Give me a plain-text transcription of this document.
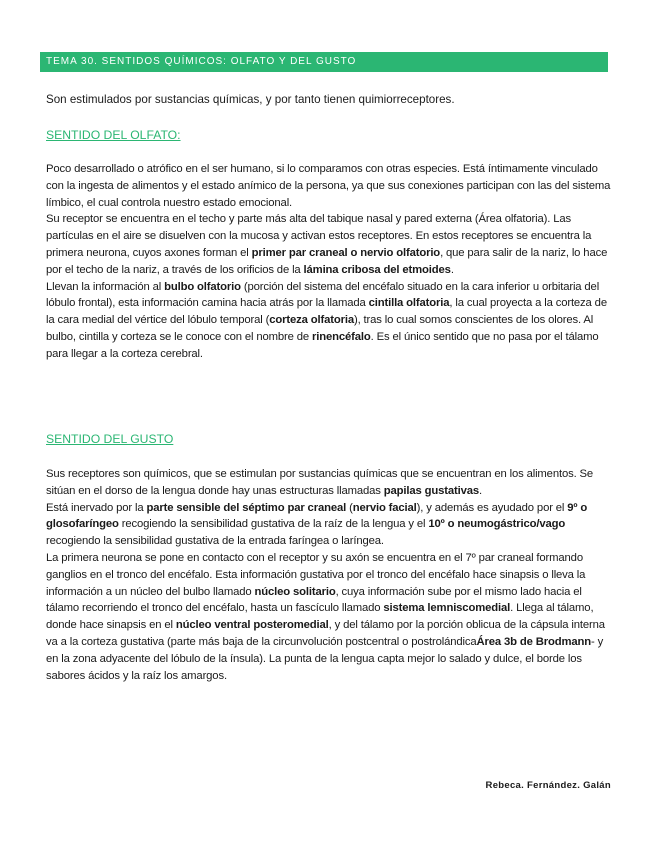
TEMA 30. SENTIDOS QUÍMICOS: OLFATO Y DEL GUSTO

Son estimulados por sustancias químicas, y por tanto tienen quimiorreceptores.

SENTIDO DEL OLFATO:

Poco desarrollado o atrófico en el ser humano, si lo comparamos con otras especies. Está íntimamente vinculado con la ingesta de alimentos y el estado anímico de la persona, ya que sus conexiones participan con las del sistema límbico, el cual controla nuestro estado emocional.

Su receptor se encuentra en el techo y parte más alta del tabique nasal y pared externa (Área olfatoria). Las partículas en el aire se disuelven con la mucosa y activan estos receptores. En estos receptores se encuentra la primera neurona, cuyos axones forman el primer par craneal o nervio olfatorio, que para salir de la nariz, lo hace por el techo de la nariz, a través de los orificios de la lámina cribosa del etmoides.

Llevan la información al bulbo olfatorio (porción del sistema del encéfalo situado en la cara inferior u orbitaria del lóbulo frontal), esta información camina hacia atrás por la llamada cintilla olfatoria, la cual proyecta a la corteza de la cara medial del vértice del lóbulo temporal (corteza olfatoria), tras lo cual somos conscientes de los olores. Al bulbo, cintilla y corteza se le conoce con el nombre de rinencéfalo. Es el único sentido que no pasa por el tálamo para llegar a la corteza cerebral.

SENTIDO DEL GUSTO

Sus receptores son químicos, que se estimulan por sustancias químicas que se encuentran en los alimentos. Se sitúan en el dorso de la lengua donde hay unas estructuras llamadas papilas gustativas.

Está inervado por la parte sensible del séptimo par craneal (nervio facial), y además es ayudado por el 9º o glosofaríngeo recogiendo la sensibilidad gustativa de la raíz de la lengua y el 10º o neumogástrico/vago recogiendo la sensibilidad gustativa de la entrada faríngea o laríngea.

La primera neurona se pone en contacto con el receptor y su axón se encuentra en el 7º par craneal formando ganglios en el tronco del encéfalo. Esta información gustativa por el tronco del encéfalo hace sinapsis o lleva la información a un núcleo del bulbo llamado núcleo solitario, cuya información sube por el mismo lado hacia el tálamo recorriendo el tronco del encéfalo, hasta un fascículo llamado sistema lemniscomedial. Llega al tálamo, donde hace sinapsis en el núcleo ventral posteromedial, y del tálamo por la porción oblicua de la cápsula interna va a la corteza gustativa (parte más baja de la circunvolución postcentral o postrolándicaÁrea 3b de Brodmann- y en la zona adyacente del lóbulo de la ínsula). La punta de la lengua capta mejor lo salado y dulce, el borde los sabores ácidos y la raíz los amargos.

Rebeca. Fernández. Galán
